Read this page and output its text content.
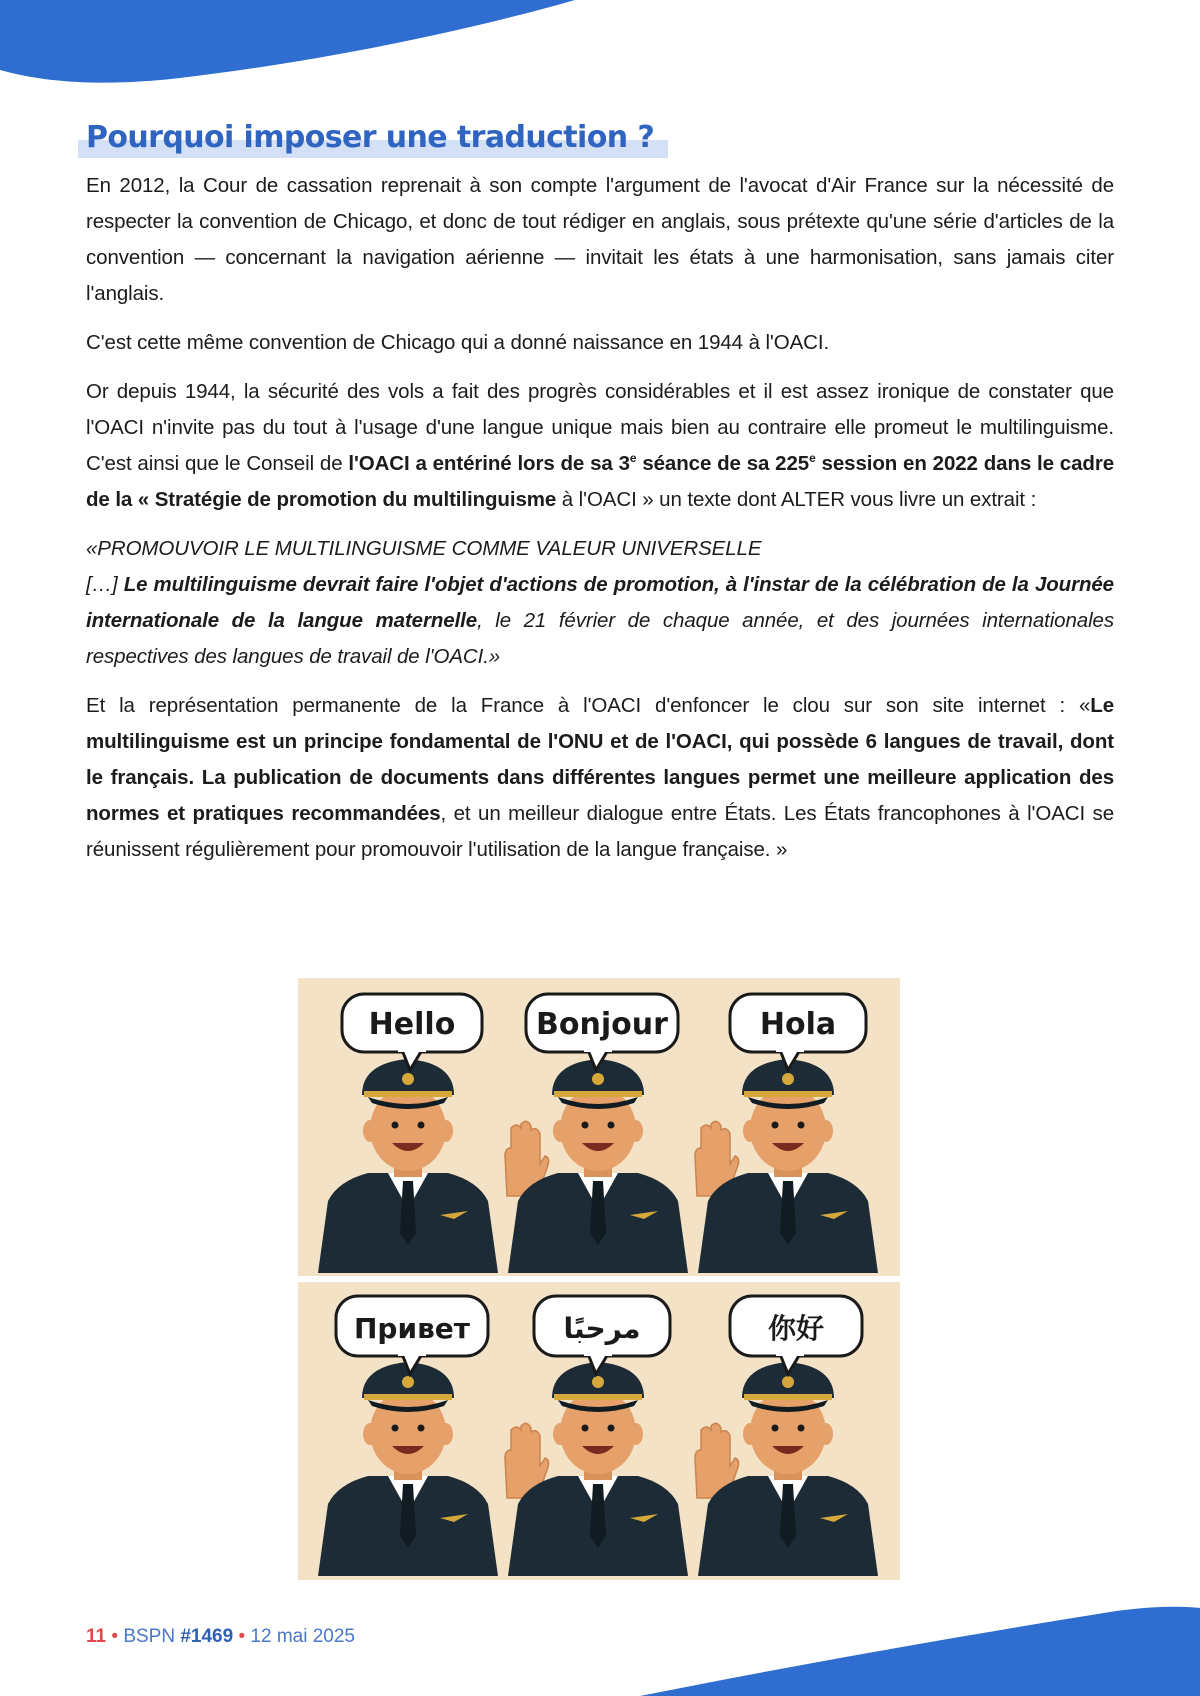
Pourquoi imposer une traduction ?

En 2012, la Cour de cassation reprenait à son compte l'argument de l'avocat d'Air France sur la nécessité de respecter la convention de Chicago, et donc de tout rédiger en anglais, sous prétexte qu'une série d'articles de la convention — concernant la navigation aérienne — invitait les états à une harmonisation, sans jamais citer l'anglais.

C'est cette même convention de Chicago qui a donné naissance en 1944 à l'OACI.

Or depuis 1944, la sécurité des vols a fait des progrès considérables et il est assez ironique de constater que l'OACI n'invite pas du tout à l'usage d'une langue unique mais bien au contraire elle promeut le multilinguisme. C'est ainsi que le Conseil de l'OACI a entériné lors de sa 3e séance de sa 225e session en 2022 dans le cadre de la « Stratégie de promotion du multilinguisme à l'OACI » un texte dont ALTER vous livre un extrait :

«PROMOUVOIR LE MULTILINGUISME COMME VALEUR UNIVERSELLE
[…] Le multilinguisme devrait faire l'objet d'actions de promotion, à l'instar de la célébration de la Journée internationale de la langue maternelle, le 21 février de chaque année, et des journées internationales respectives des langues de travail de l'OACI.»

Et la représentation permanente de la France à l'OACI d'enfoncer le clou sur son site internet : «Le multilinguisme est un principe fondamental de l'ONU et de l'OACI, qui possède 6 langues de travail, dont le français. La publication de documents dans différentes langues permet une meilleure application des normes et pratiques recommandées, et un meilleur dialogue entre États. Les États francophones à l'OACI se réunissent régulièrement pour promouvoir l'utilisation de la langue française. »

Hello	Bonjour	Hola
Привет	مرحبًا	你好
11 • BSPN #1469 • 12 mai 2025
